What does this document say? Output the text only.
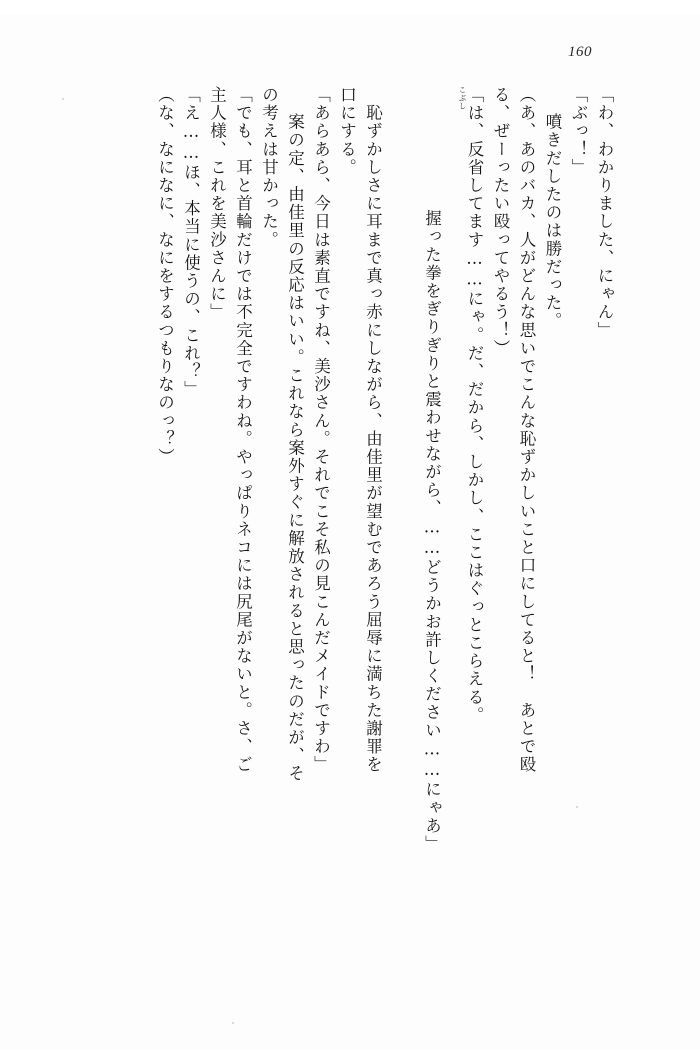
160
「わ、わかりました、にゃん」
「ぶっ！」
　噴きだしたのは勝だった。
（あ、あのバカ、人がどんな思いでこんな恥ずかしいこと口にしてると！　あとで殴
る、ぜーったい殴ってやるう！）
「は、反省してます……にゃ。だ、だから、しかし、ここはぐっとこらえる。

握った拳をぎりぎりと震わせながら、……どうかお許しください……にゃあ」

こぶし

　恥ずかしさに耳まで真っ赤にしながら、由佳里が望むであろう屈辱に満ちた謝罪を
口にする。
「あらあら、今日は素直ですね、美沙さん。それでこそ私の見こんだメイドですわ」
　案の定、由佳里の反応はいい。これなら案外すぐに解放されると思ったのだが、そ
の考えは甘かった。
「でも、耳と首輪だけでは不完全ですわね。やっぱりネコには尻尾がないと。さ、ご
主人様、これを美沙さんに」
「え……ほ、本当に使うの、これ？」
（な、なになに、なにをするつもりなのっ？）
